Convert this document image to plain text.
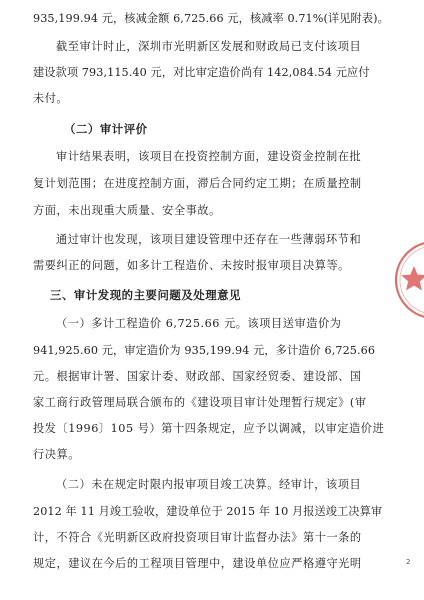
935,199.94 元，核减金额 6,725.66 元，核减率 0.71%(详见附表)。
截至审计时止，深圳市光明新区发展和财政局已支付该项目
建设款项 793,115.40 元，对比审定造价尚有 142,084.54 元应付
未付。
（二）审计评价
审计结果表明，该项目在投资控制方面，建设资金控制在批
复计划范围；在进度控制方面，滞后合同约定工期；在质量控制
方面，未出现重大质量、安全事故。
通过审计也发现，该项目建设管理中还存在一些薄弱环节和
需要纠正的问题，如多计工程造价、未按时报审项目决算等。
三、审计发现的主要问题及处理意见
（一）多计工程造价 6,725.66 元。该项目送审造价为
941,925.60 元，审定造价为 935,199.94 元，多计造价 6,725.66
元。根据审计署、国家计委、财政部、国家经贸委、建设部、国
家工商行政管理局联合颁布的《建设项目审计处理暂行规定》(审
投发〔1996〕105 号）第十四条规定，应予以调减，以审定造价进
行决算。
（二）未在规定时限内报审项目竣工决算。经审计，该项目
2012 年 11 月竣工验收，建设单位于 2015 年 10 月报送竣工决算审
计，不符合《光明新区政府投资项目审计监督办法》第十一条的
规定，建议在今后的工程项目管理中，建设单位应严格遵守光明	2
